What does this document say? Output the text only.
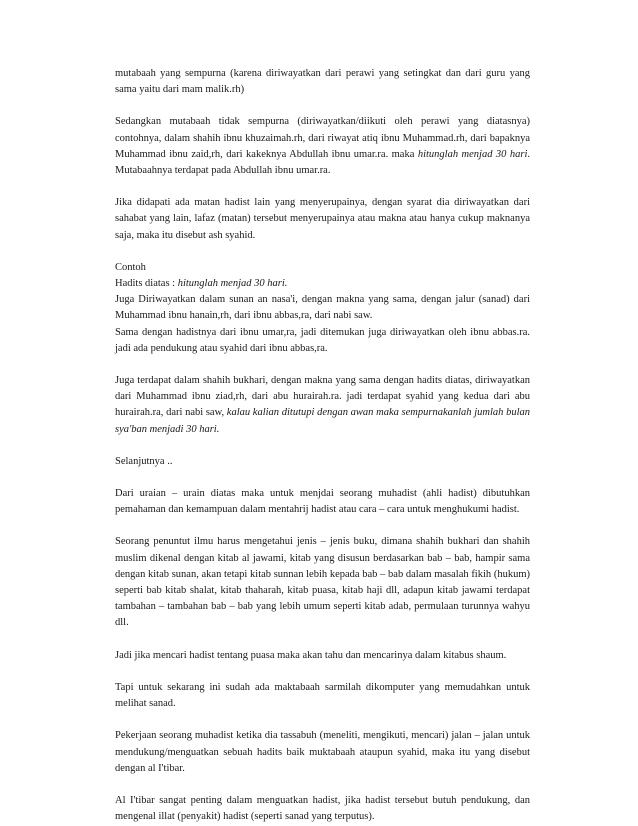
mutabaah yang sempurna (karena diriwayatkan dari perawi yang setingkat dan dari guru yang sama yaitu dari mam malik.rh)

Sedangkan mutabaah tidak sempurna (diriwayatkan/diikuti oleh perawi yang diatasnya) contohnya, dalam shahih ibnu khuzaimah.rh, dari riwayat atiq ibnu Muhammad.rh, dari bapaknya Muhammad ibnu zaid,rh, dari kakeknya Abdullah ibnu umar.ra. maka hitunglah menjad 30 hari. Mutabaahnya terdapat pada Abdullah ibnu umar.ra.

Jika didapati ada matan hadist lain yang menyerupainya, dengan syarat dia diriwayatkan dari sahabat yang lain, lafaz (matan) tersebut menyerupainya atau makna atau hanya cukup maknanya saja, maka itu disebut ash syahid.

Contoh

Hadits diatas : hitunglah menjad 30 hari.

Juga Diriwayatkan dalam sunan an nasa'i, dengan makna yang sama, dengan jalur (sanad) dari Muhammad ibnu hanain,rh, dari ibnu abbas,ra, dari nabi saw.

Sama dengan hadistnya dari ibnu umar,ra, jadi ditemukan juga diriwayatkan oleh ibnu abbas.ra. jadi ada pendukung atau syahid dari ibnu abbas,ra.

Juga terdapat dalam shahih bukhari, dengan makna yang sama dengan hadits diatas, diriwayatkan dari Muhammad ibnu ziad,rh, dari abu hurairah.ra. jadi terdapat syahid yang kedua dari abu hurairah.ra, dari nabi saw, kalau kalian ditutupi dengan awan maka sempurnakanlah jumlah bulan sya'ban menjadi 30 hari.

Selanjutnya ..

Dari uraian – urain diatas maka untuk menjdai seorang muhadist (ahli hadist) dibutuhkan pemahaman dan kemampuan dalam mentahrij hadist atau cara – cara untuk menghukumi hadist.

Seorang penuntut ilmu harus mengetahui jenis – jenis buku, dimana shahih bukhari dan shahih muslim dikenal dengan kitab al jawami, kitab yang disusun berdasarkan bab – bab, hampir sama dengan kitab sunan, akan tetapi kitab sunnan lebih kepada bab – bab dalam masalah fikih (hukum) seperti bab kitab shalat, kitab thaharah, kitab puasa, kitab haji dll, adapun kitab jawami terdapat tambahan – tambahan bab – bab yang lebih umum seperti kitab adab, permulaan turunnya wahyu dll.

Jadi jika mencari hadist tentang puasa maka akan tahu dan mencarinya dalam kitabus shaum.

Tapi untuk sekarang ini sudah ada maktabaah sarmilah dikomputer yang memudahkan untuk melihat sanad.

Pekerjaan seorang muhadist ketika dia tassabuh (meneliti, mengikuti, mencari) jalan – jalan untuk mendukung/menguatkan sebuah hadits baik muktabaah ataupun syahid, maka itu yang disebut dengan al I'tibar.

Al I'tibar sangat penting dalam menguatkan hadist, jika hadist tersebut butuh pendukung, dan mengenal illat (penyakit) hadist (seperti sanad yang terputus).
